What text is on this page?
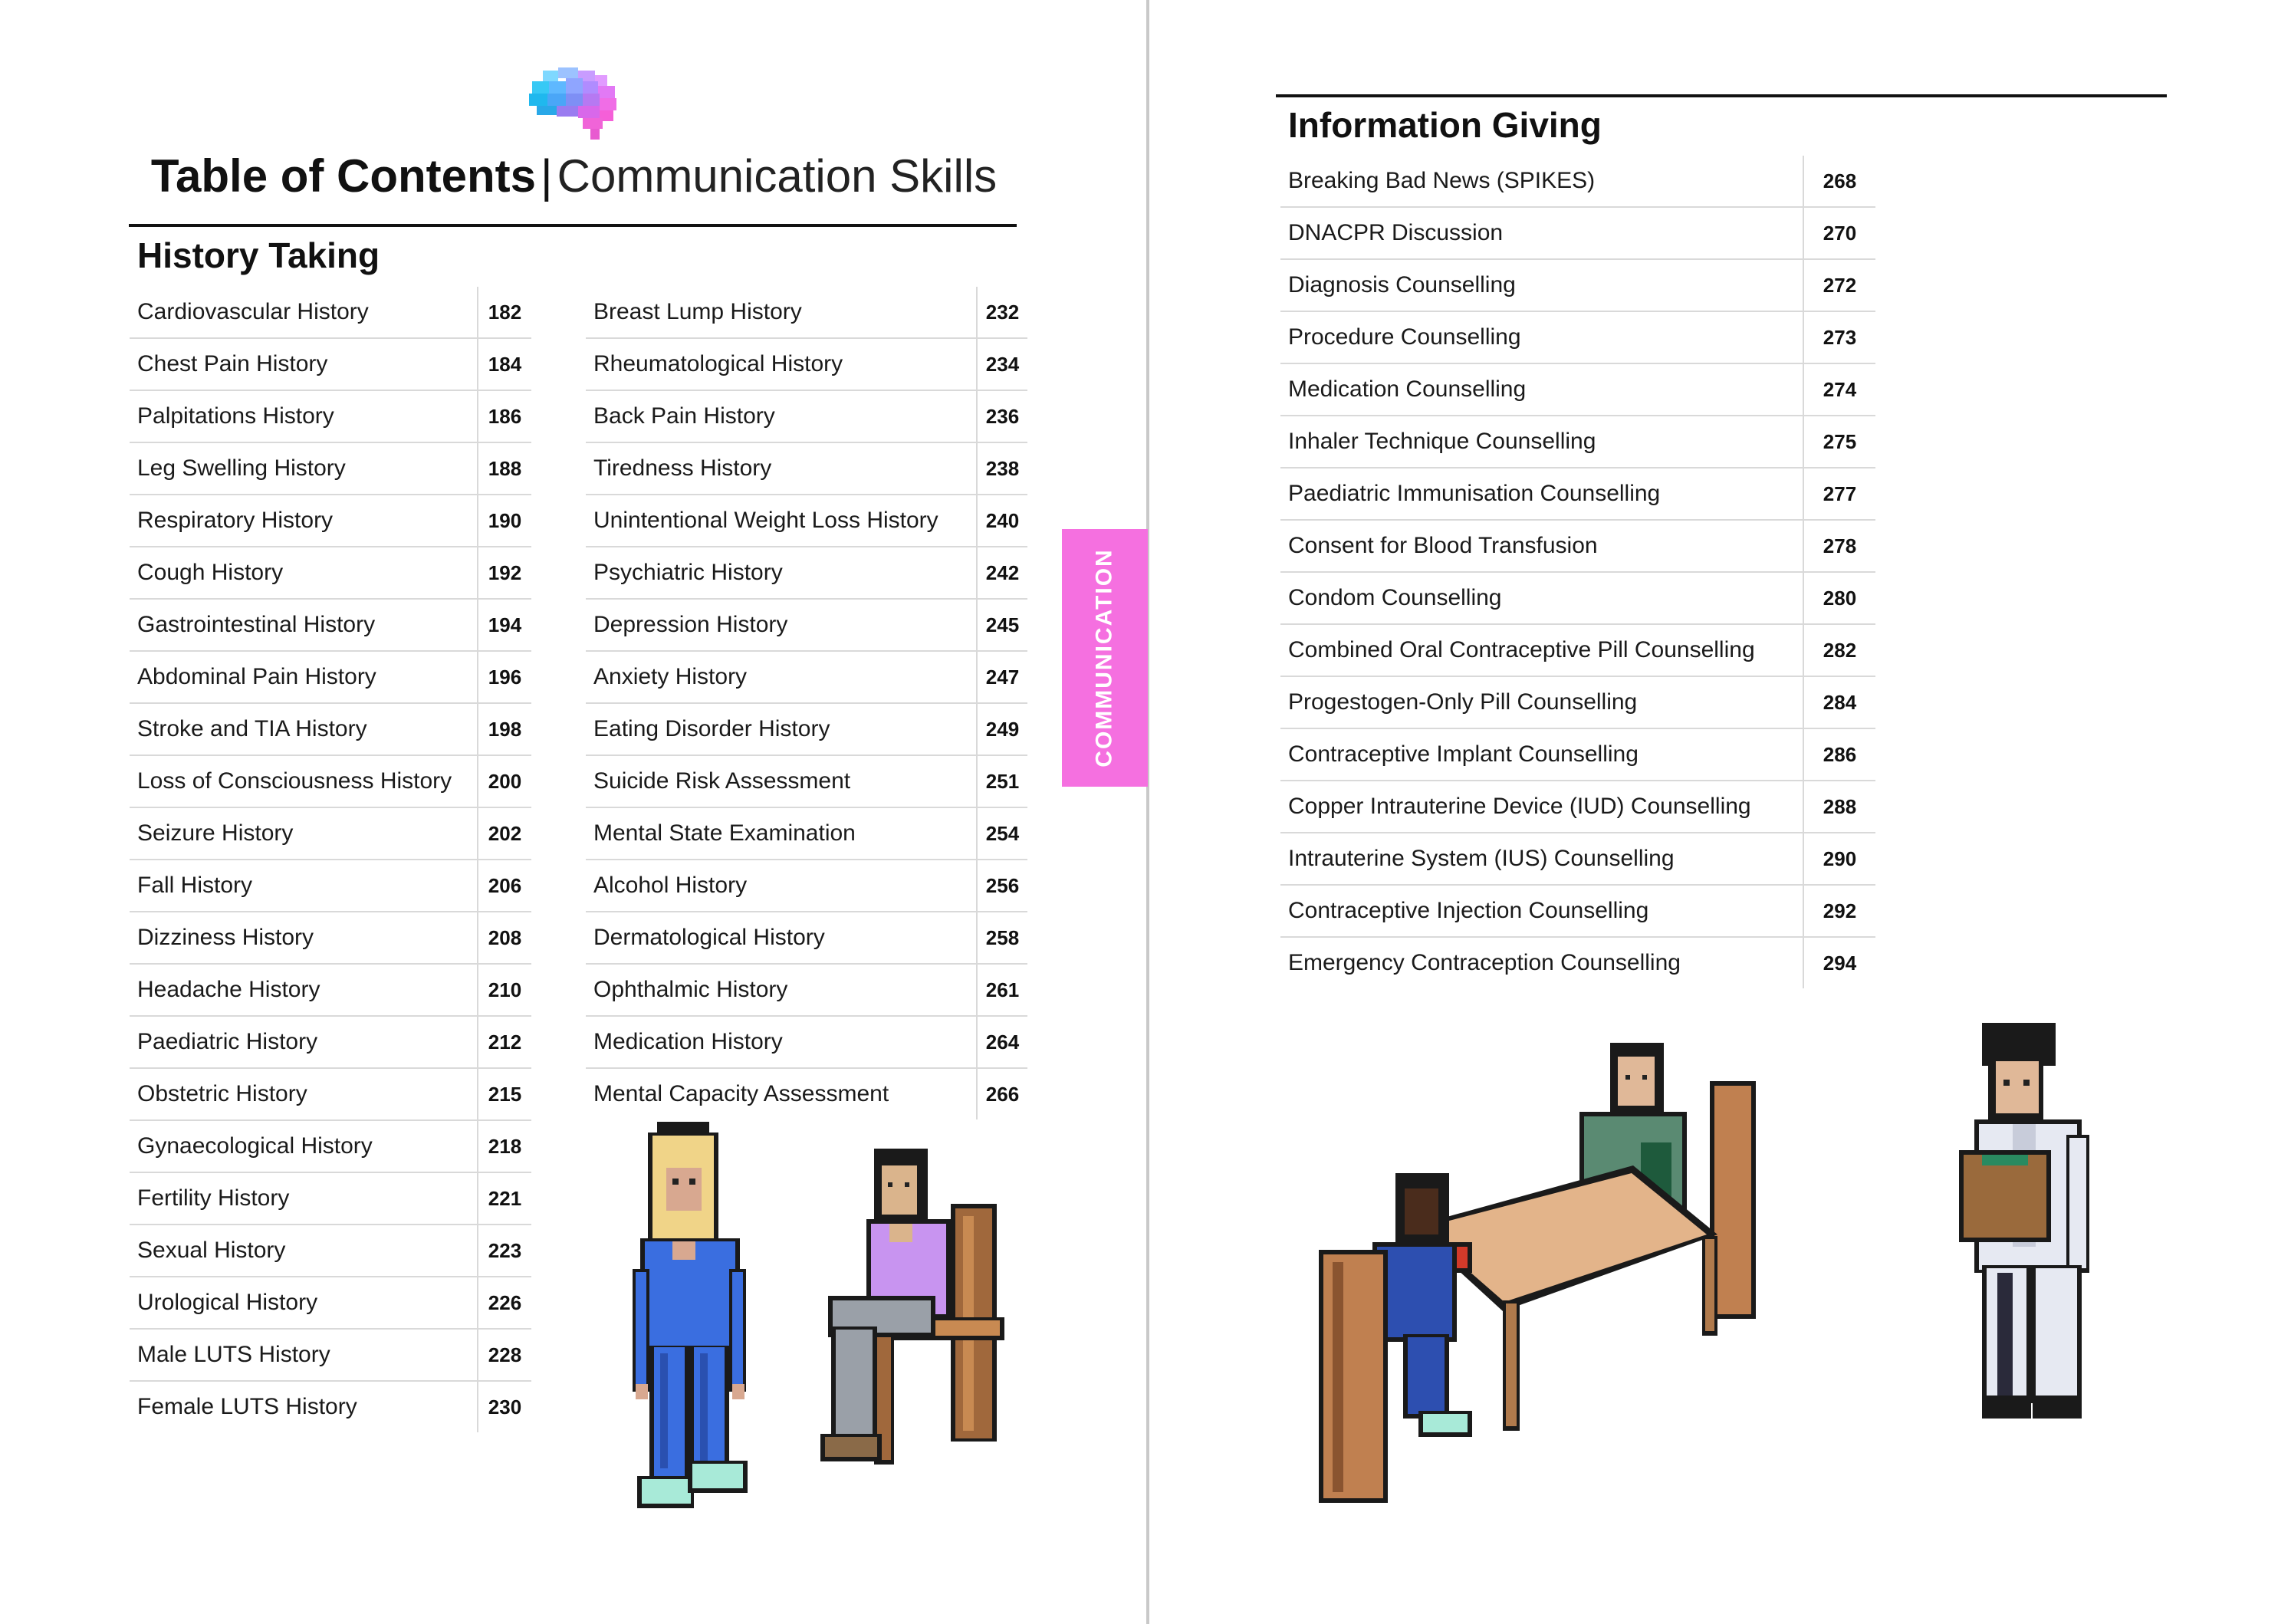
Table of Contents | Communication Skills
History Taking
Cardiovascular History	182
Chest Pain History	184
Palpitations History	186
Leg Swelling History	188
Respiratory History	190
Cough History	192
Gastrointestinal History	194
Abdominal Pain History	196
Stroke and TIA History	198
Loss of Consciousness History	200
Seizure History	202
Fall History	206
Dizziness History	208
Headache History	210
Paediatric History	212
Obstetric History	215
Gynaecological History	218
Fertility History	221
Sexual History	223
Urological History	226
Male LUTS History	228
Female LUTS History	230
Breast Lump History	232
Rheumatological History	234
Back Pain History	236
Tiredness History	238
Unintentional Weight Loss History	240
Psychiatric History	242
Depression History	245
Anxiety History	247
Eating Disorder History	249
Suicide Risk Assessment	251
Mental State Examination	254
Alcohol History	256
Dermatological History	258
Ophthalmic History	261
Medication History	264
Mental Capacity Assessment	266
COMMUNICATION
Information Giving
Breaking Bad News (SPIKES)	268
DNACPR Discussion	270
Diagnosis Counselling	272
Procedure Counselling	273
Medication Counselling	274
Inhaler Technique Counselling	275
Paediatric Immunisation Counselling	277
Consent for Blood Transfusion	278
Condom Counselling	280
Combined Oral Contraceptive Pill Counselling	282
Progestogen-Only Pill Counselling	284
Contraceptive Implant Counselling	286
Copper Intrauterine Device (IUD) Counselling	288
Intrauterine System (IUS) Counselling	290
Contraceptive Injection Counselling	292
Emergency Contraception Counselling	294
